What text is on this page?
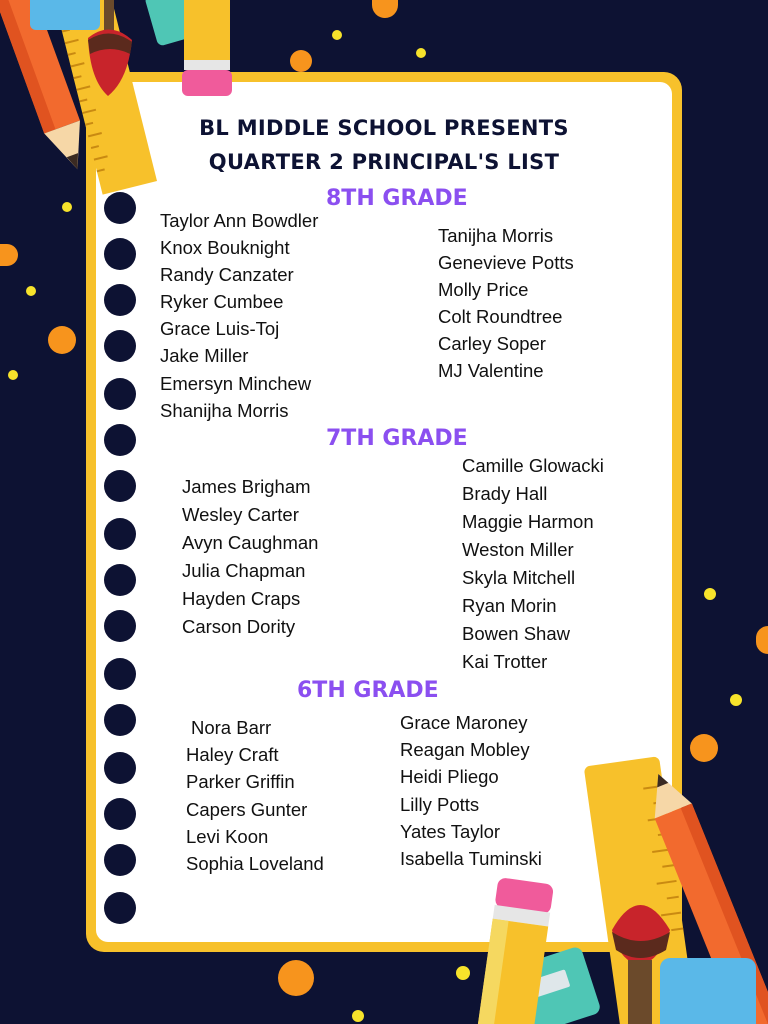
BL MIDDLE SCHOOL PRESENTS
QUARTER 2 PRINCIPAL'S LIST
8TH GRADE
Taylor Ann Bowdler
Knox Bouknight
Randy Canzater
Ryker Cumbee
Grace Luis-Toj
Jake Miller
Emersyn Minchew
Shanijha Morris
Tanijha Morris
Genevieve Potts
Molly Price
Colt Roundtree
Carley Soper
MJ Valentine
7TH GRADE
James Brigham
Wesley Carter
Avyn Caughman
Julia Chapman
Hayden Craps
Carson Dority
Camille Glowacki
Brady Hall
Maggie Harmon
Weston Miller
Skyla Mitchell
Ryan Morin
Bowen Shaw
Kai Trotter
6TH GRADE
Nora Barr
Haley Craft
Parker Griffin
Capers Gunter
Levi Koon
Sophia Loveland
Grace Maroney
Reagan Mobley
Heidi Pliego
Lilly Potts
Yates Taylor
Isabella Tuminski
